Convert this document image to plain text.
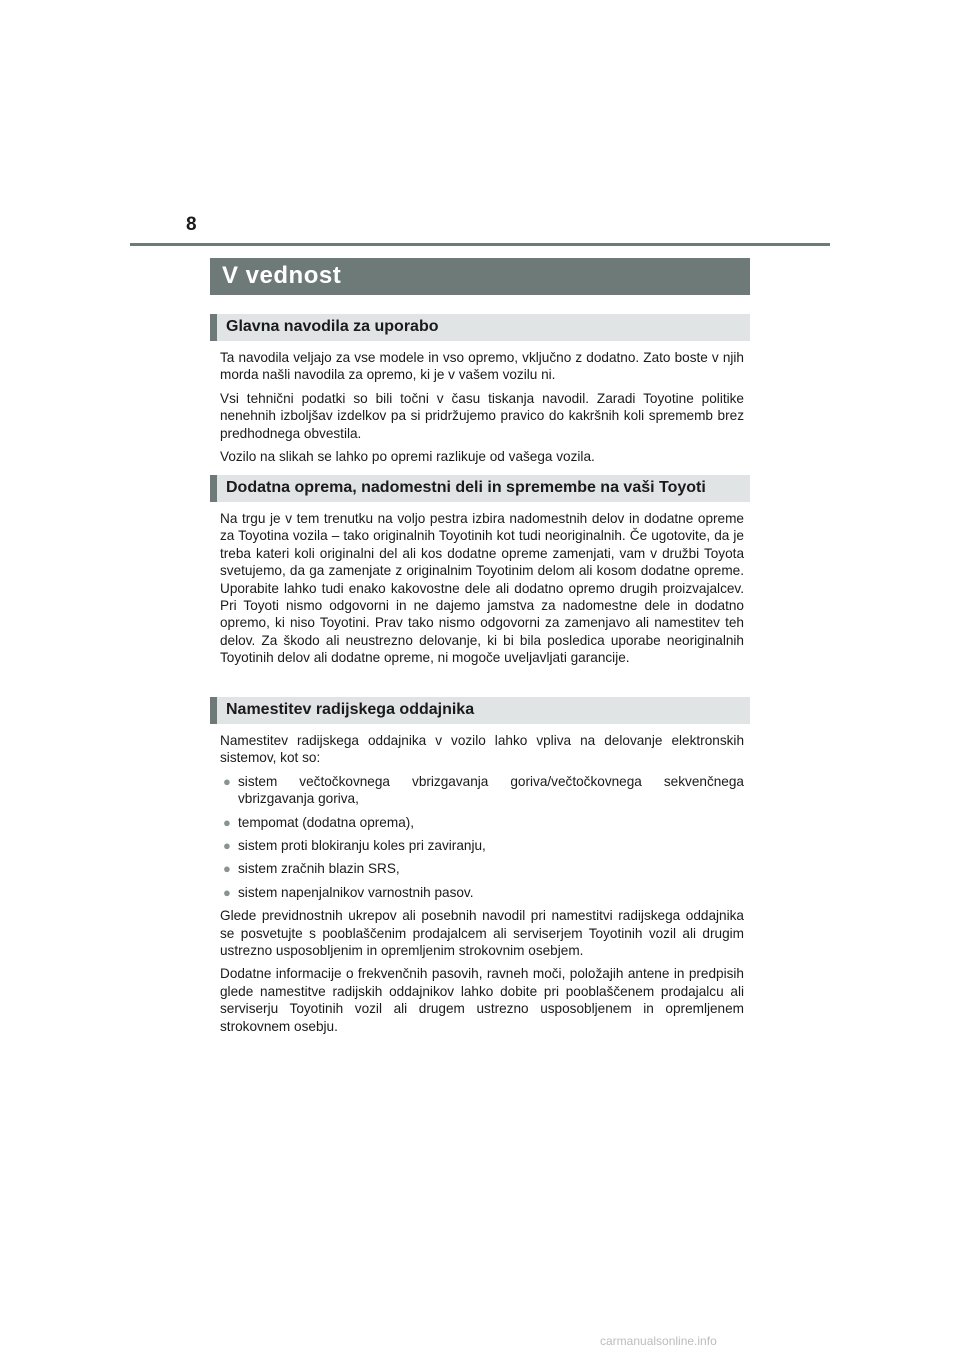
8
V vednost
Glavna navodila za uporabo

Ta navodila veljajo za vse modele in vso opremo, vključno z dodatno. Zato boste v njih morda našli navodila za opremo, ki je v vašem vozilu ni.

Vsi tehnični podatki so bili točni v času tiskanja navodil. Zaradi Toyotine politike nenehnih izboljšav izdelkov pa si pridržujemo pravico do kakršnih koli sprememb brez predhodnega obvestila.

Vozilo na slikah se lahko po opremi razlikuje od vašega vozila.

Dodatna oprema, nadomestni deli in spremembe na vaši Toyoti

Na trgu je v tem trenutku na voljo pestra izbira nadomestnih delov in dodatne opreme za Toyotina vozila – tako originalnih Toyotinih kot tudi neoriginalnih. Če ugotovite, da je treba kateri koli originalni del ali kos dodatne opreme zamenjati, vam v družbi Toyota svetujemo, da ga zamenjate z originalnim Toyotinim delom ali kosom dodatne opreme. Uporabite lahko tudi enako kakovostne dele ali dodatno opremo drugih proizvajalcev. Pri Toyoti nismo odgovorni in ne dajemo jamstva za nadomestne dele in dodatno opremo, ki niso Toyotini. Prav tako nismo odgovorni za zamenjavo ali namestitev teh delov. Za škodo ali neustrezno delovanje, ki bi bila posledica uporabe neoriginalnih Toyotinih delov ali dodatne opreme, ni mogoče uveljavljati garancije.

Namestitev radijskega oddajnika

Namestitev radijskega oddajnika v vozilo lahko vpliva na delovanje elektronskih sistemov, kot so:

● sistem večtočkovnega vbrizgavanja goriva/večtočkovnega sekvenčnega vbrizgavanja goriva,
● tempomat (dodatna oprema),
● sistem proti blokiranju koles pri zaviranju,
● sistem zračnih blazin SRS,
● sistem napenjalnikov varnostnih pasov.

Glede previdnostnih ukrepov ali posebnih navodil pri namestitvi radijskega oddajnika se posvetujte s pooblaščenim prodajalcem ali serviserjem Toyotinih vozil ali drugim ustrezno usposobljenim in opremljenim strokovnim osebjem.

Dodatne informacije o frekvenčnih pasovih, ravneh moči, položajih antene in predpisih glede namestitve radijskih oddajnikov lahko dobite pri pooblaščenem prodajalcu ali serviserju Toyotinih vozil ali drugem ustrezno usposobljenem in opremljenem strokovnem osebju.

carmanualsonline.info
